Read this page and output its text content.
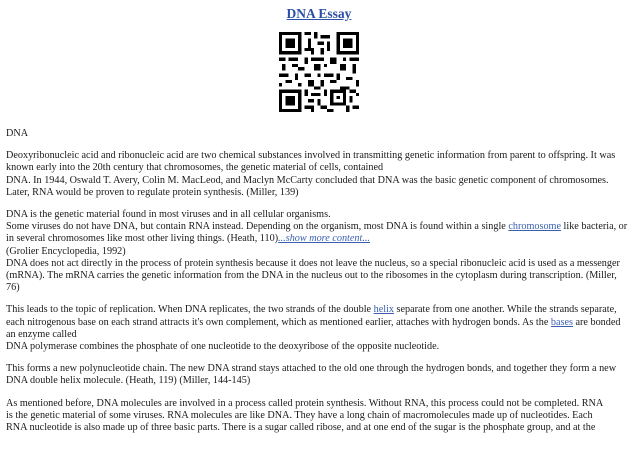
DNA Essay
DNA
Deoxyribonucleic acid and ribonucleic acid are two chemical substances involved in transmitting genetic information from parent to offspring. It was
known early into the 20th century that chromosomes, the genetic material of cells, contained
DNA. In 1944, Oswald T. Avery, Colin M. MacLeod, and Maclyn McCarty concluded that DNA was the basic genetic component of chromosomes.
Later, RNA would be proven to regulate protein synthesis. (Miller, 139)
DNA is the genetic material found in most viruses and in all cellular organisms.
Some viruses do not have DNA, but contain RNA instead. Depending on the organism, most DNA is found within a single chromosome like bacteria, or
in several chromosomes like most other living things. (Heath, 110)...show more content...
(Grolier Encyclopedia, 1992)
DNA does not act directly in the process of protein synthesis because it does not leave the nucleus, so a special ribonucleic acid is used as a messenger
(mRNA). The mRNA carries the genetic information from the DNA in the nucleus out to the ribosomes in the cytoplasm during transcription. (Miller,
76)
This leads to the topic of replication. When DNA replicates, the two strands of the double helix separate from one another. While the strands separate,
each nitrogenous base on each strand attracts it's own complement, which as mentioned earlier, attaches with hydrogen bonds. As the bases are bonded
an enzyme called
DNA polymerase combines the phosphate of one nucleotide to the deoxyribose of the opposite nucleotide.
This forms a new polynucleotide chain. The new DNA strand stays attached to the old one through the hydrogen bonds, and together they form a new
DNA double helix molecule. (Heath, 119) (Miller, 144-145)
As mentioned before, DNA molecules are involved in a process called protein synthesis. Without RNA, this process could not be completed. RNA
is the genetic material of some viruses. RNA molecules are like DNA. They have a long chain of macromolecules made up of nucleotides. Each
RNA nucleotide is also made up of three basic parts. There is a sugar called ribose, and at one end of the sugar is the phosphate group, and at the
